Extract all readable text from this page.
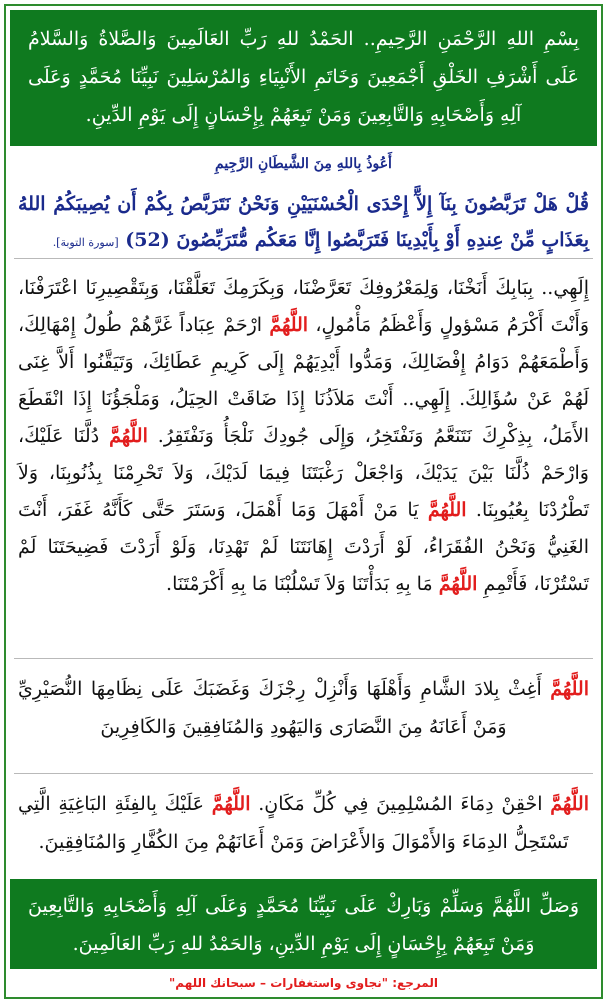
بِسْمِ اللهِ الرَّحْمَنِ الرَّحِيمِ.. الحَمْدُ للهِ رَبِّ العَالَمِينَ وَالصَّلاةُ وَالسَّلامُ عَلَى أَشْرَفِ الخَلْقِ أَجْمَعِينَ وَخَاتَمِ الأَنْبِيَاءِ وَالمُرْسَلِينَ نَبِيِّنَا مُحَمَّدٍ وَعَلَى آلِهِ وَأَصْحَابِهِ وَالتَّابِعِينَ وَمَنْ تَبِعَهُمْ بِإِحْسَانٍ إِلَى يَوْمِ الدِّينِ.
أَعُوذُ بِاللهِ مِنَ الشَّيطَانِ الرَّجِيمِ
قُلْ هَلْ تَرَبَّصُونَ بِنَآ إِلآَّ إِحْدَى الْحُسْنَيَيْنِ وَنَحْنُ نَتَرَبَّصُ بِكُمْ أَن يُصِيبَكُمُ اللهُ بِعَذَابٍ مِّنْ عِندِهِ أَوْ بِأَيْدِينَا فَتَرَبَّصُوا إِنَّا مَعَكُم مُّتَرَبِّصُونَ (52) [سورة التوبة].
إِلَهِي.. بِبَابِكَ أَنَخْنَا، وَلِمَعْرُوفِكَ تَعَرَّضْنَا، وَبِكَرَمِكَ تَعَلَّقْنَا، وَبِتَقْصِيرِنَا اعْتَرَفْنَا، وَأَنْتَ أَكْرَمُ مَسْؤولٍ وَأَعْظَمُ مَأْمُولٍ، اللَّهُمَّ ارْحَمْ عِبَاداً غَرَّهُمْ طُولُ إِمْهَالِكَ، وَأَطْمَعَهُمْ دَوَامُ إِفْضَالِكَ، وَمَدُّوا أَيْدِيَهُمْ إِلَى كَرِيمِ عَطَائِكَ، وَتَيَقَّنُوا أَلاَّ غِنَى لَهُمْ عَنْ سُؤَالِكَ. إِلَهِي.. أَنْتَ مَلاَذُنَا إِذَا ضَاقَتْ الحِيَلُ، وَمَلْجَؤُنَا إِذَا انْقَطَعَ الأَمَلُ، بِذِكْرِكَ نَتَنَعَّمُ وَنَفْتَخِرُ، وَإِلَى جُودِكَ نَلْجَأُ وَنَفْتَقِرُ. اللَّهُمَّ دُلَّنَا عَلَيْكَ، وَارْحَمْ ذُلَّنَا بَيْنَ يَدَيْكَ، وَاجْعَلْ رَغْبَتَنَا فِيمَا لَدَيْكَ، وَلاَ تَحْرِمْنَا بِذُنُوبِنَا، وَلاَ تَطْرُدْنَا بِعُيُوبِنَا. اللَّهُمَّ يَا مَنْ أَمْهَلَ وَمَا أَهْمَلَ، وَسَتَرَ حَتَّى كَأَنَّهُ غَفَرَ، أَنْتَ الغَنِيُّ وَنَحْنُ الفُقَرَاءُ، لَوْ أَرَدْتَ إِهَانَتَنَا لَمْ تَهْدِنَا، وَلَوْ أَرَدْتَ فَضِيحَتَنَا لَمْ تَسْتُرْنَا، فَأَتْمِمِ اللَّهُمَّ مَا بِهِ بَدَأْتَنَا وَلاَ تَسْلُبْنَا مَا بِهِ أَكْرَمْتَنَا.
اللَّهُمَّ أَغِثْ بِلادَ الشَّامِ وَأَهْلَهَا وَأَنْزِلْ رِجْزَكَ وَغَضَبَكَ عَلَى نِظَامِهَا النُّصَيْرِيِّ وَمَنْ أَعَانَهُ مِنَ النَّصَارَى وَاليَهُودِ وَالمُنَافِقِينَ وَالكَافِرِينَ
اللَّهُمَّ احْقِنْ دِمَاءَ المُسْلِمِينَ فِي كُلِّ مَكَانٍ. اللَّهُمَّ عَلَيْكَ بِالفِئَةِ البَاغِيَةِ الَّتِي تَسْتَحِلُّ الدِمَاءَ وَالأَمْوَالَ وَالأَعْرَاضَ وَمَنْ أَعَانَهُمْ مِنَ الكُفَّارِ وَالمُنَافِقِينَ.
وَصَلِّ اللَّهُمَّ وَسَلِّمْ وَبَارِكْ عَلَى نَبِيِّنَا مُحَمَّدٍ وَعَلَى آلِهِ وَأَصْحَابِهِ وَالتَّابِعِينَ وَمَنْ تَبِعَهُمْ بِإِحْسَانٍ إِلَى يَوْمِ الدِّينِ، وَالحَمْدُ للهِ رَبِّ العَالَمِينَ.
المرجع: "نجاوى واستغفارات – سبحانك اللهم"
